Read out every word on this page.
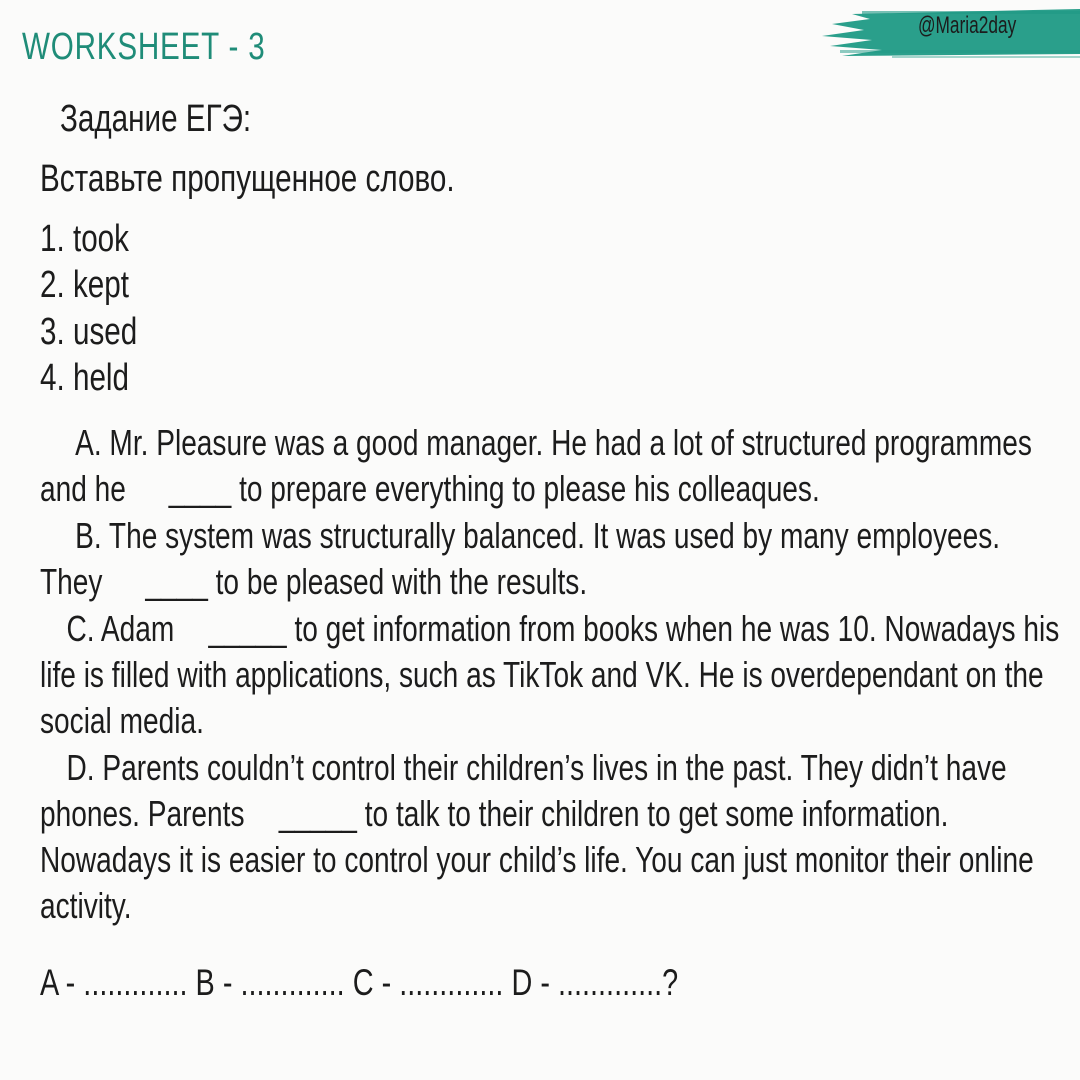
WORKSHEET - 3
@Maria2day
Задание ЕГЭ:
Вставьте пропущенное слово.
1. took
2. kept
3. used
4. held
A. Mr. Pleasure was a good manager. He had a lot of structured programmes and he ____ to prepare everything to please his colleaques.
B. The system was structurally balanced. It was used by many employees. They ____ to be pleased with the results.
C. Adam _____ to get information from books when he was 10. Nowadays his life is filled with applications, such as TikTok and VK. He is overdependant on the social media.
D. Parents couldn’t control their children’s lives in the past. They didn’t have phones. Parents _____ to talk to their children to get some information. Nowadays it is easier to control your child’s life. You can just monitor their online activity.
A - ............. B - ............. C - ............. D - .............?
